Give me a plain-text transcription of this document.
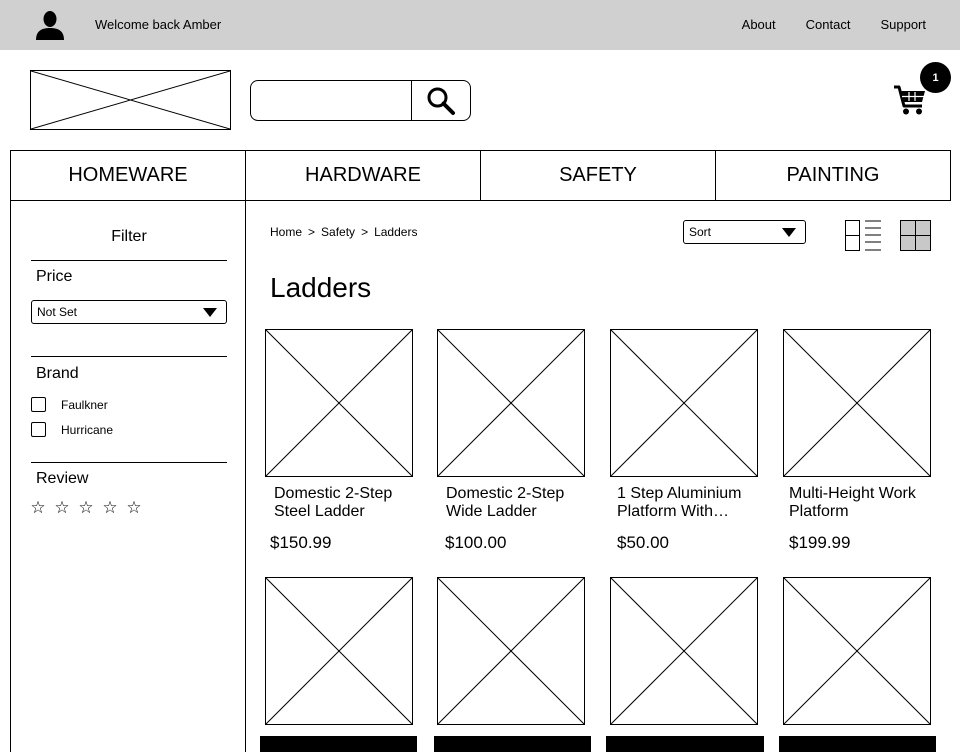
Welcome back Amber	About Contact Support
1
HOMEWARE	HARDWARE	SAFETY	PAINTING
Filter
Price
Not Set
Brand
Faulkner
Hurricane
Review
☆ ☆ ☆ ☆ ☆
Home > Safety > Ladders	Sort
Ladders
Domestic 2-Step Steel Ladder
$150.99
Domestic 2-Step Wide Ladder
$100.00
1 Step Aluminium Platform With…
$50.00
Multi-Height Work Platform
$199.99
